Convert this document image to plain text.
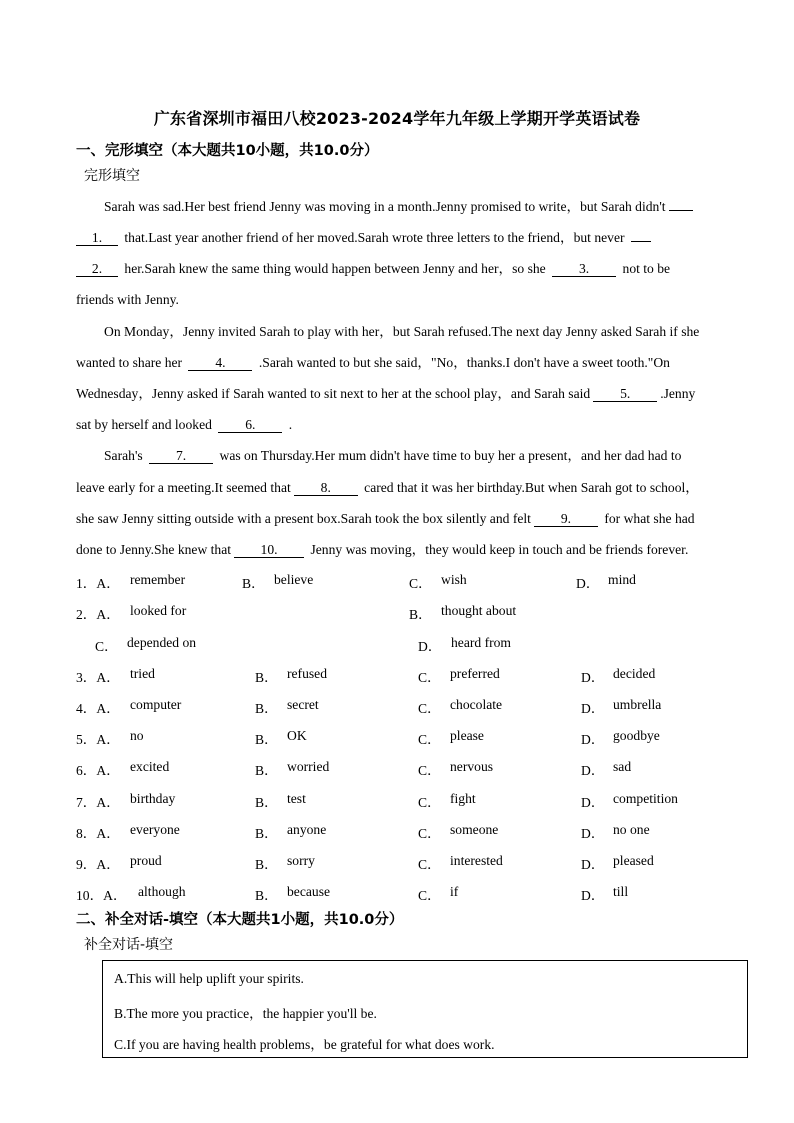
广东省深圳市福田八校2023-2024学年九年级上学期开学英语试卷
一、完形填空（本大题共10小题，共10.0分）
完形填空
Sarah was sad.Her best friend Jenny was moving in a month.Jenny promised to write，but Sarah didn't
1. that.Last year another friend of her moved.Sarah wrote three letters to the friend，but never
2. her.Sarah knew the same thing would happen between Jenny and her，so she 3. not to be
friends with Jenny.
On Monday，Jenny invited Sarah to play with her，but Sarah refused.The next day Jenny asked Sarah if she
wanted to share her 4. .Sarah wanted to but she said，"No，thanks.I don't have a sweet tooth."On
Wednesday，Jenny asked if Sarah wanted to sit next to her at the school play，and Sarah said 5. .Jenny
sat by herself and looked 6. .
Sarah's 7. was on Thursday.Her mum didn't have time to buy her a present，and her dad had to
leave early for a meeting.It seemed that 8. cared that it was her birthday.But when Sarah got to school，
she saw Jenny sitting outside with a present box.Sarah took the box silently and felt 9. for what she had
done to Jenny.She knew that 10. Jenny was moving，they would keep in touch and be friends forever.
1．A． remember	B． believe	C． wish	D． mind
2．A． looked for	B． thought about
C． depended on	D． heard from
3．A． tried	B． refused	C． preferred	D． decided
4．A． computer	B． secret	C． chocolate	D． umbrella
5．A． no	B． OK	C． please	D． goodbye
6．A． excited	B． worried	C． nervous	D． sad
7．A． birthday	B． test	C． fight	D． competition
8．A． everyone	B． anyone	C． someone	D． no one
9．A． proud	B． sorry	C． interested	D． pleased
10．A． although	B． because	C． if	D． till
二、补全对话-填空（本大题共1小题，共10.0分）
补全对话-填空
A.This will help uplift your spirits.
B.The more you practice，the happier you'll be.
C.If you are having health problems，be grateful for what does work.
